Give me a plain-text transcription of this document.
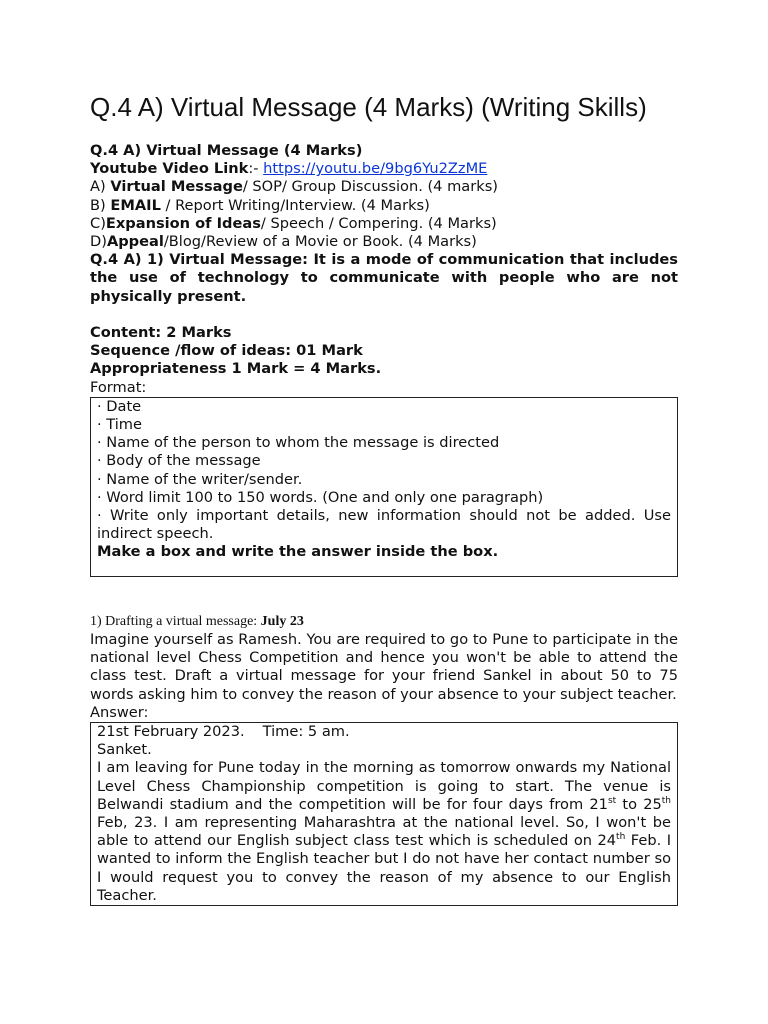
Q.4 A) Virtual Message (4 Marks) (Writing Skills)

Q.4 A) Virtual Message (4 Marks)

Youtube Video Link:- https://youtu.be/9bg6Yu2ZzME

A) Virtual Message/ SOP/ Group Discussion. (4 marks)

B) EMAIL / Report Writing/Interview. (4 Marks)

C)Expansion of Ideas/ Speech / Compering. (4 Marks)

D)Appeal/Blog/Review of a Movie or Book. (4 Marks)

Q.4 A) 1) Virtual Message: It is a mode of communication that includes the use of technology to communicate with people who are not physically present.

Content: 2 Marks

Sequence /flow of ideas: 01 Mark

Appropriateness 1 Mark = 4 Marks.

Format:

· Date

· Time

· Name of the person to whom the message is directed

· Body of the message

· Name of the writer/sender.

· Word limit 100 to 150 words. (One and only one paragraph)

· Write only important details, new information should not be added. Use indirect speech.

Make a box and write the answer inside the box.

1) Drafting a virtual message: July 23

Imagine yourself as Ramesh. You are required to go to Pune to participate in the national level Chess Competition and hence you won't be able to attend the class test. Draft a virtual message for your friend Sankel in about 50 to 75 words asking him to convey the reason of your absence to your subject teacher.

Answer:

21st February 2023. Time: 5 am.

Sanket.

I am leaving for Pune today in the morning as tomorrow onwards my National Level Chess Championship competition is going to start. The venue is Belwandi stadium and the competition will be for four days from 21st to 25th Feb, 23. I am representing Maharashtra at the national level. So, I won't be able to attend our English subject class test which is scheduled on 24th Feb. I wanted to inform the English teacher but I do not have her contact number so I would request you to convey the reason of my absence to our English Teacher.
